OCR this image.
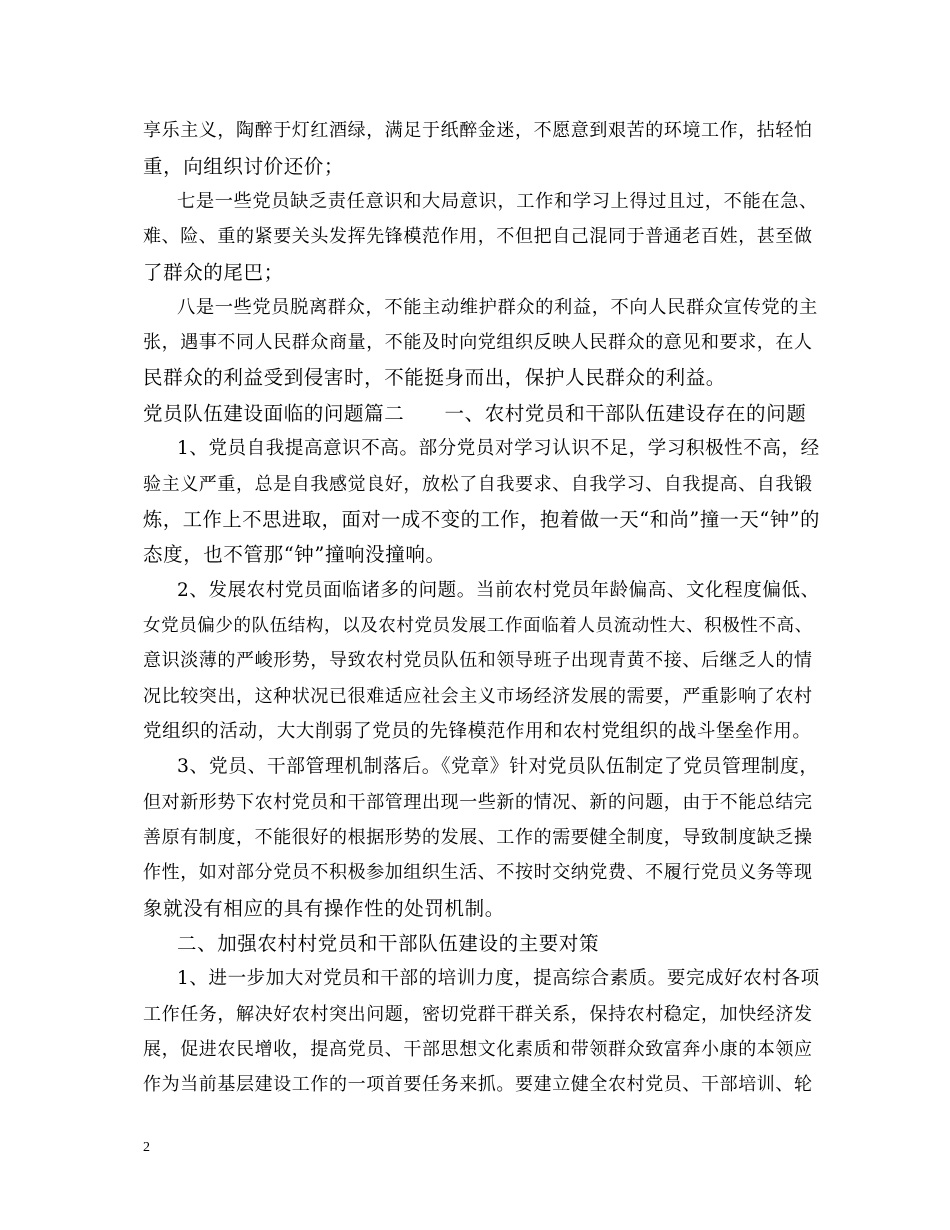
享乐主义，陶醉于灯红酒绿，满足于纸醉金迷，不愿意到艰苦的环境工作，拈轻怕
重，向组织讨价还价；
七是一些党员缺乏责任意识和大局意识，工作和学习上得过且过，不能在急、
难、险、重的紧要关头发挥先锋模范作用，不但把自己混同于普通老百姓，甚至做
了群众的尾巴；
八是一些党员脱离群众，不能主动维护群众的利益，不向人民群众宣传党的主
张，遇事不同人民群众商量，不能及时向党组织反映人民群众的意见和要求，在人
民群众的利益受到侵害时，不能挺身而出，保护人民群众的利益。
党员队伍建设面临的问题篇二　　一、农村党员和干部队伍建设存在的问题
1、党员自我提高意识不高。部分党员对学习认识不足，学习积极性不高，经
验主义严重，总是自我感觉良好，放松了自我要求、自我学习、自我提高、自我锻
炼，工作上不思进取，面对一成不变的工作，抱着做一天“和尚”撞一天“钟”的
态度，也不管那“钟”撞响没撞响。
2、发展农村党员面临诸多的问题。当前农村党员年龄偏高、文化程度偏低、
女党员偏少的队伍结构，以及农村党员发展工作面临着人员流动性大、积极性不高、
意识淡薄的严峻形势，导致农村党员队伍和领导班子出现青黄不接、后继乏人的情
况比较突出，这种状况已很难适应社会主义市场经济发展的需要，严重影响了农村
党组织的活动，大大削弱了党员的先锋模范作用和农村党组织的战斗堡垒作用。
3、党员、干部管理机制落后。《党章》针对党员队伍制定了党员管理制度，
但对新形势下农村党员和干部管理出现一些新的情况、新的问题，由于不能总结完
善原有制度，不能很好的根据形势的发展、工作的需要健全制度，导致制度缺乏操
作性，如对部分党员不积极参加组织生活、不按时交纳党费、不履行党员义务等现
象就没有相应的具有操作性的处罚机制。
二、加强农村村党员和干部队伍建设的主要对策
1、进一步加大对党员和干部的培训力度，提高综合素质。要完成好农村各项
工作任务，解决好农村突出问题，密切党群干群关系，保持农村稳定，加快经济发
展，促进农民增收，提高党员、干部思想文化素质和带领群众致富奔小康的本领应
作为当前基层建设工作的一项首要任务来抓。要建立健全农村党员、干部培训、轮
2
